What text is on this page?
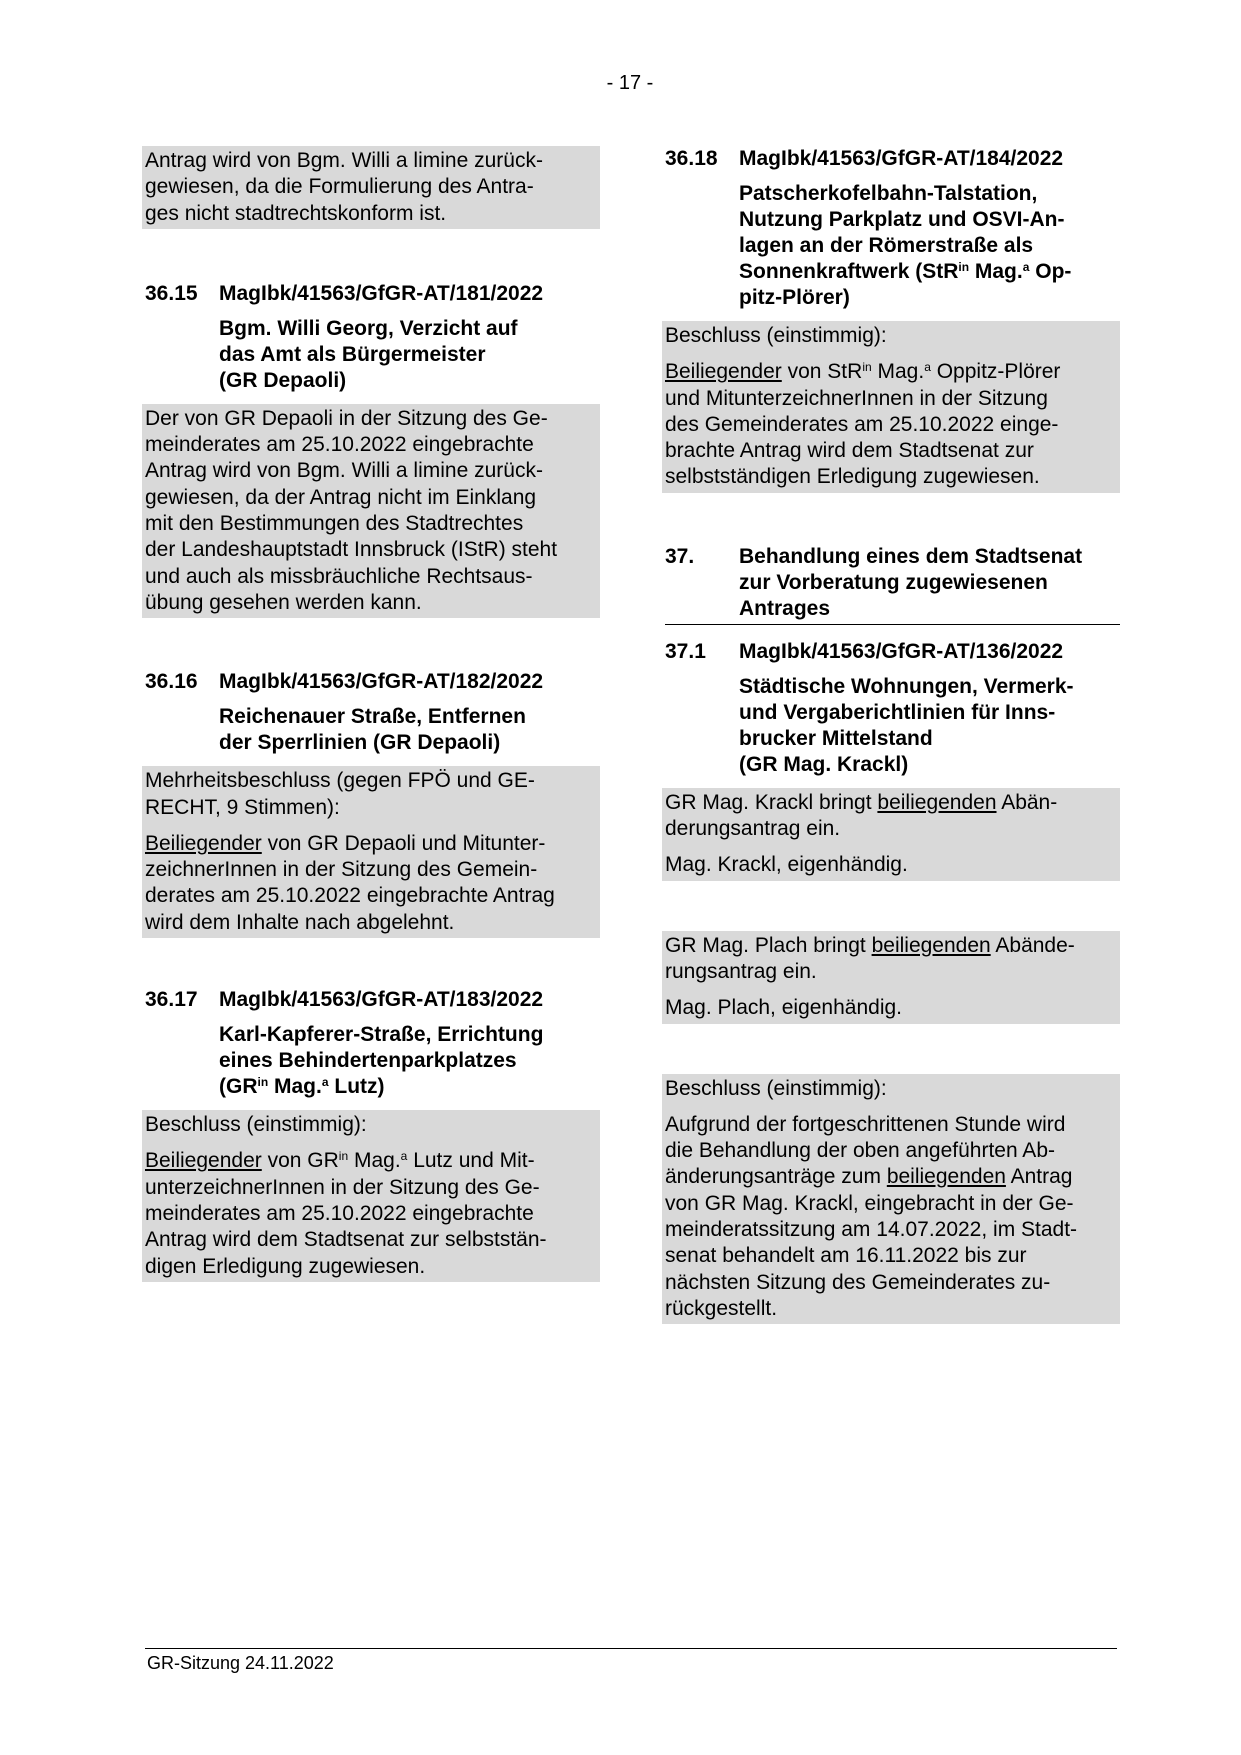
- 17 -
Antrag wird von Bgm. Willi a limine zurück-
gewiesen, da die Formulierung des Antra-
ges nicht stadtrechtskonform ist.
36.15	MagIbk/41563/GfGR-AT/181/2022
Bgm. Willi Georg, Verzicht auf
das Amt als Bürgermeister
(GR Depaoli)
Der von GR Depaoli in der Sitzung des Ge-
meinderates am 25.10.2022 eingebrachte
Antrag wird von Bgm. Willi a limine zurück-
gewiesen, da der Antrag nicht im Einklang
mit den Bestimmungen des Stadtrechtes
der Landeshauptstadt Innsbruck (IStR) steht
und auch als missbräuchliche Rechtsaus-
übung gesehen werden kann.
36.16	MagIbk/41563/GfGR-AT/182/2022
Reichenauer Straße, Entfernen
der Sperrlinien (GR Depaoli)

Mehrheitsbeschluss (gegen FPÖ und GE-
RECHT, 9 Stimmen):

Beiliegender von GR Depaoli und Mitunter-
zeichnerInnen in der Sitzung des Gemein-
derates am 25.10.2022 eingebrachte Antrag
wird dem Inhalte nach abgelehnt.

36.17	MagIbk/41563/GfGR-AT/183/2022
Karl-Kapferer-Straße, Errichtung
eines Behindertenparkplatzes
($GR^{in}$ Mag.$^a$ Lutz)

Beschluss (einstimmig):

Beiliegender von $GR^{in}$ Mag.$^a$ Lutz und Mit-
unterzeichnerInnen in der Sitzung des Ge-
meinderates am 25.10.2022 eingebrachte
Antrag wird dem Stadtsenat zur selbststän-
digen Erledigung zugewiesen.

36.18	MagIbk/41563/GfGR-AT/184/2022
Patscherkofelbahn-Talstation,
Nutzung Parkplatz und OSVI-An-
lagen an der Römerstraße als
Sonnenkraftwerk (StR$^{in}$ Mag.$^a$ Op-
pitz-Plörer)

Beschluss (einstimmig):

Beiliegender von StR$^{in}$ Mag.$^a$ Oppitz-Plörer
und MitunterzeichnerInnen in der Sitzung
des Gemeinderates am 25.10.2022 einge-
brachte Antrag wird dem Stadtsenat zur
selbstständigen Erledigung zugewiesen.

37.	Behandlung eines dem Stadtsenat
zur Vorberatung zugewiesenen
Antrages
37.1	MagIbk/41563/GfGR-AT/136/2022
Städtische Wohnungen, Vermerk-
und Vergaberichtlinien für Inns-
brucker Mittelstand
(GR Mag. Krackl)

GR Mag. Krackl bringt beiliegenden Abän-
derungsantrag ein.

Mag. Krackl, eigenhändig.

GR Mag. Plach bringt beiliegenden Abände-
rungsantrag ein.

Mag. Plach, eigenhändig.

Beschluss (einstimmig):

Aufgrund der fortgeschrittenen Stunde wird
die Behandlung der oben angeführten Ab-
änderungsanträge zum beiliegenden Antrag
von GR Mag. Krackl, eingebracht in der Ge-
meinderatssitzung am 14.07.2022, im Stadt-
senat behandelt am 16.11.2022 bis zur
nächsten Sitzung des Gemeinderates zu-
rückgestellt.

GR-Sitzung 24.11.2022
